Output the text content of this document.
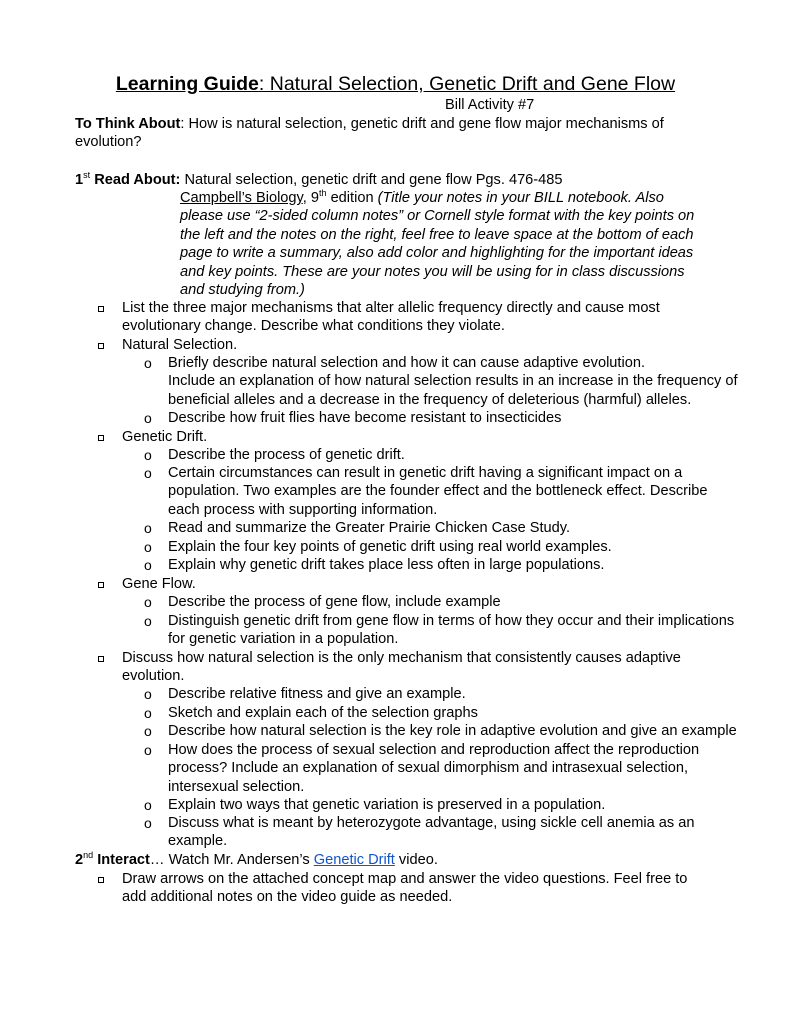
Learning Guide: Natural Selection, Genetic Drift and Gene Flow
Bill Activity #7
To Think About: How is natural selection, genetic drift and gene flow major mechanisms of evolution?
1st Read About: Natural selection, genetic drift and gene flow Pgs. 476-485
Campbell’s Biology, 9th edition (Title your notes in your BILL notebook. Also please use “2-sided column notes” or Cornell style format with the key points on the left and the notes on the right, feel free to leave space at the bottom of each page to write a summary, also add color and highlighting for the important ideas and key points. These are your notes you will be using for in class discussions and studying from.)
List the three major mechanisms that alter allelic frequency directly and cause most evolutionary change. Describe what conditions they violate.
Natural Selection.
o Briefly describe natural selection and how it can cause adaptive evolution.
Include an explanation of how natural selection results in an increase in the frequency of beneficial alleles and a decrease in the frequency of deleterious (harmful) alleles.
o Describe how fruit flies have become resistant to insecticides
Genetic Drift.
o Describe the process of genetic drift.
o Certain circumstances can result in genetic drift having a significant impact on a population. Two examples are the founder effect and the bottleneck effect. Describe each process with supporting information.
o Read and summarize the Greater Prairie Chicken Case Study.
o Explain the four key points of genetic drift using real world examples.
o Explain why genetic drift takes place less often in large populations.
Gene Flow.
o Describe the process of gene flow, include example
o Distinguish genetic drift from gene flow in terms of how they occur and their implications for genetic variation in a population.
Discuss how natural selection is the only mechanism that consistently causes adaptive evolution.
o Describe relative fitness and give an example.
o Sketch and explain each of the selection graphs
o Describe how natural selection is the key role in adaptive evolution and give an example
o How does the process of sexual selection and reproduction affect the reproduction process? Include an explanation of sexual dimorphism and intrasexual selection, intersexual selection.
o Explain two ways that genetic variation is preserved in a population.
o Discuss what is meant by heterozygote advantage, using sickle cell anemia as an example.
2nd Interact… Watch Mr. Andersen’s Genetic Drift video.
Draw arrows on the attached concept map and answer the video questions. Feel free to add additional notes on the video guide as needed.
